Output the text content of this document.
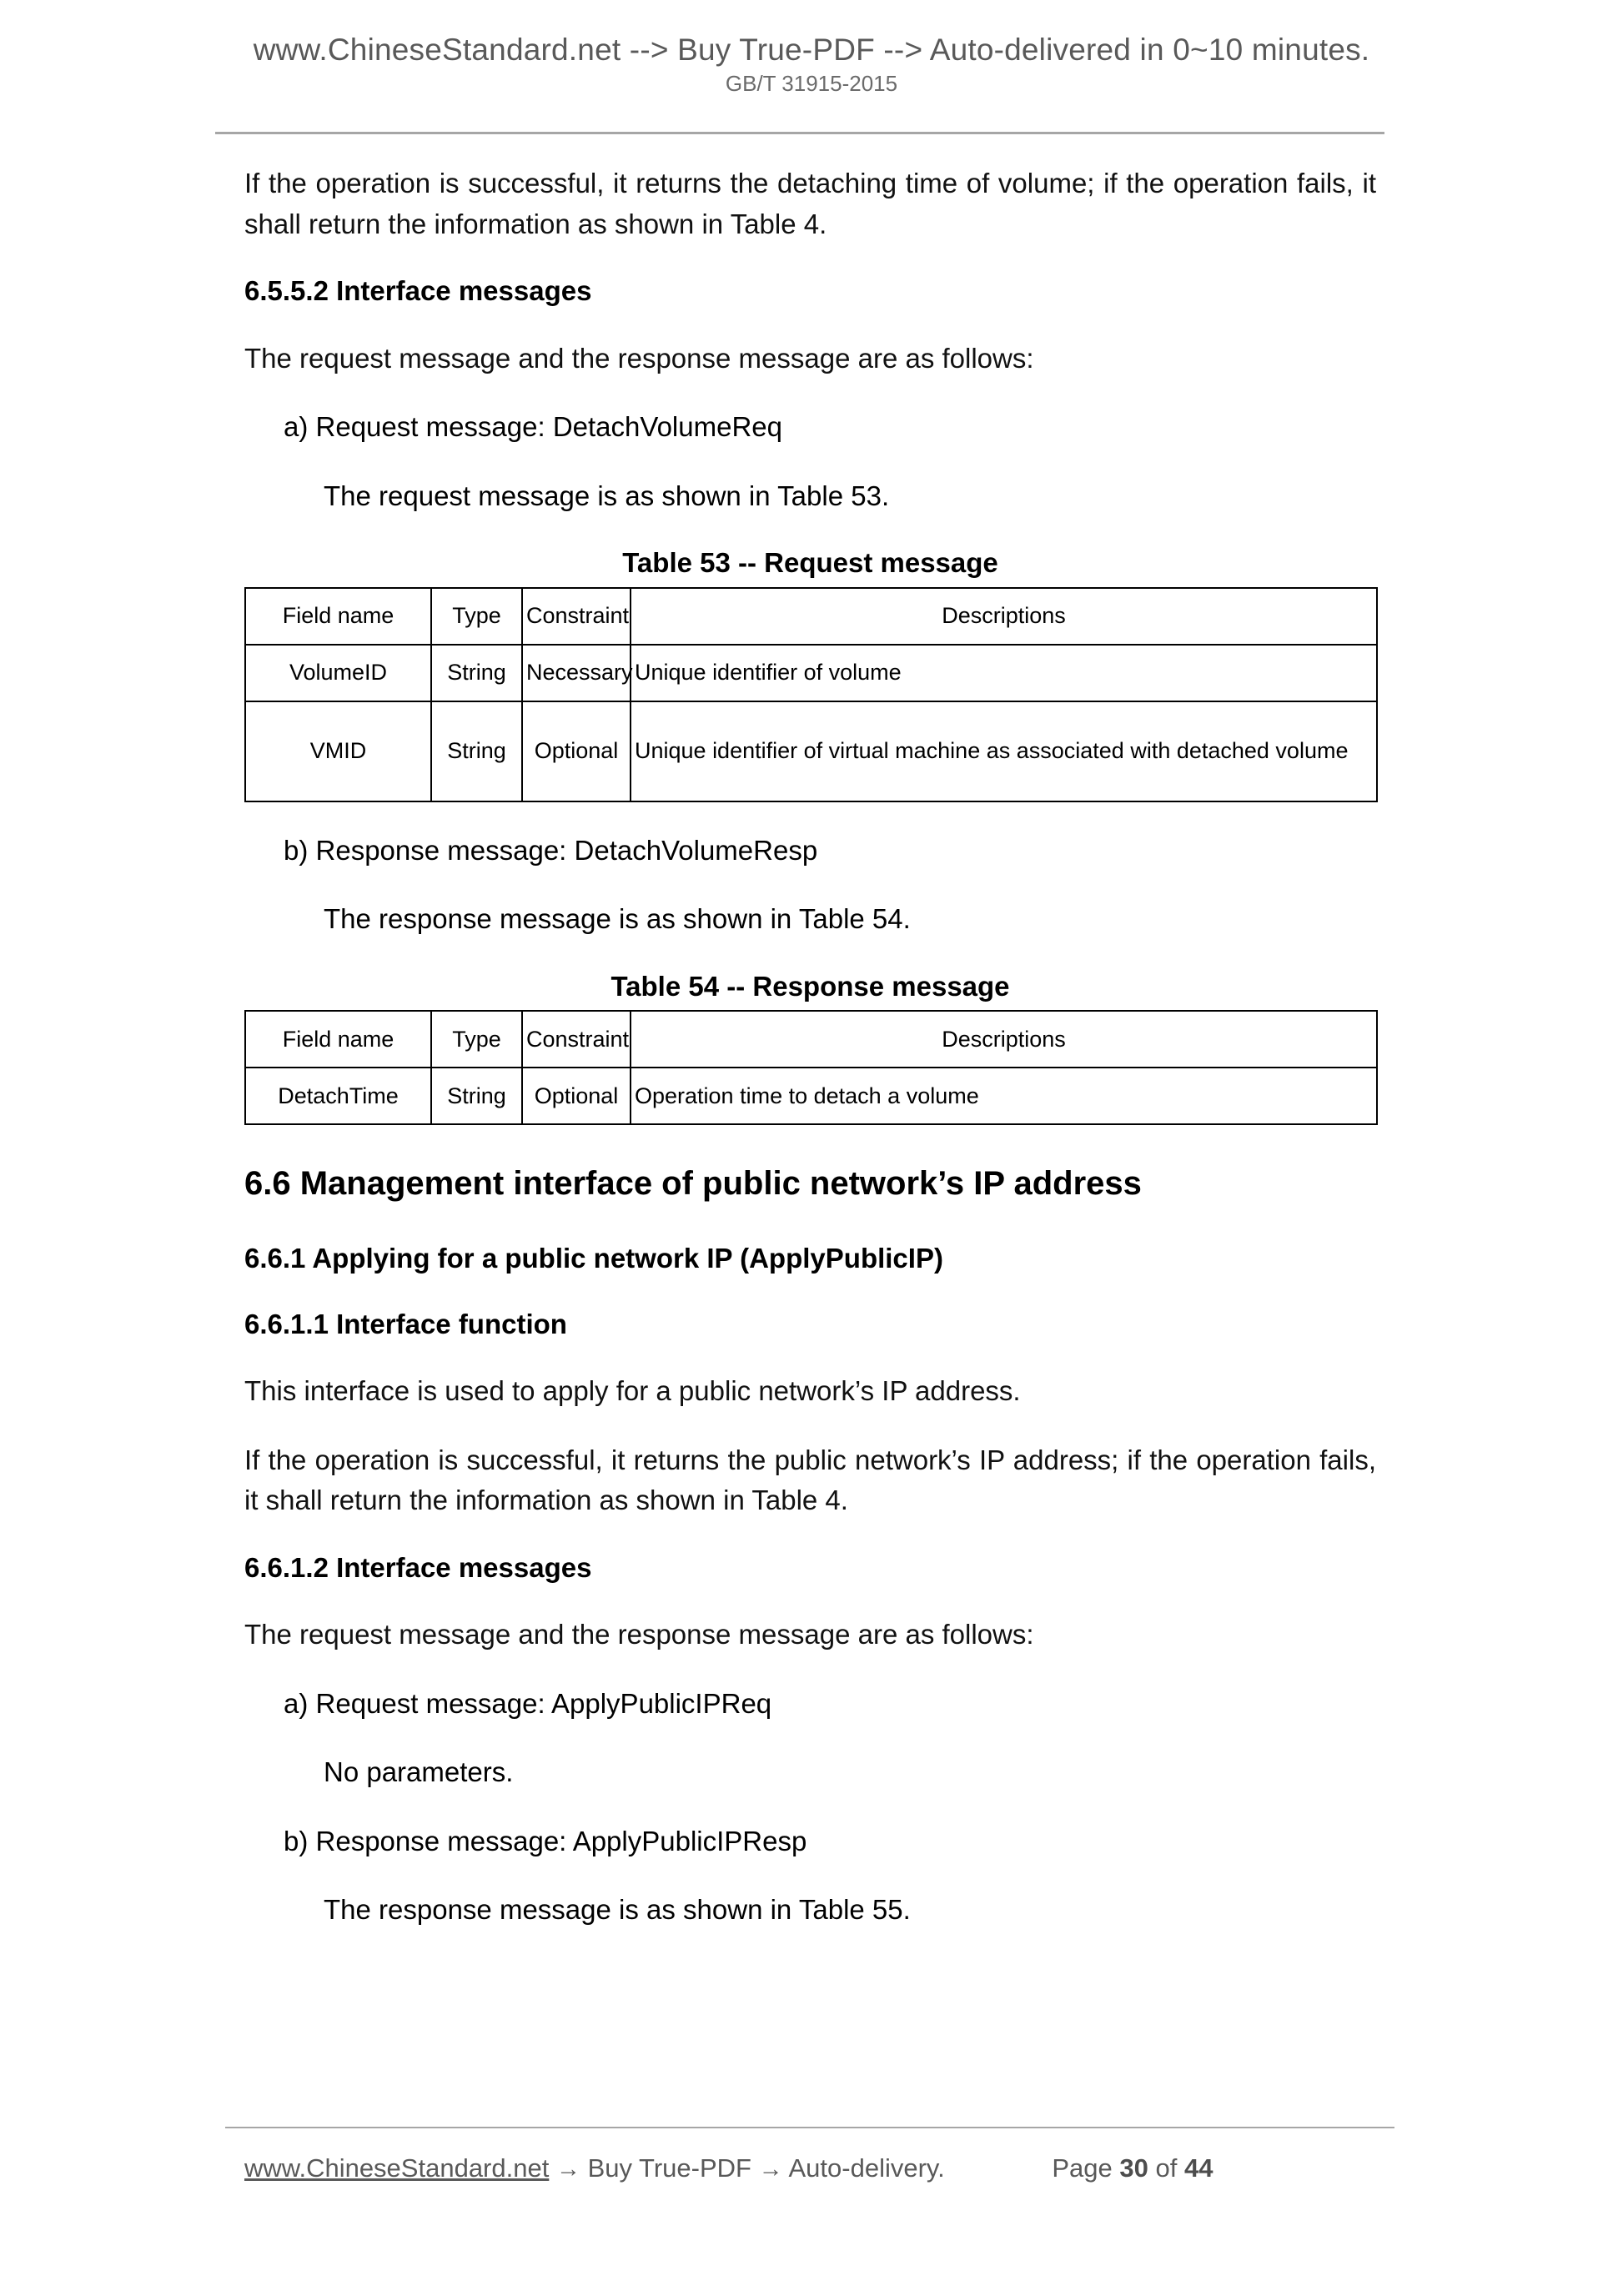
www.ChineseStandard.net --> Buy True-PDF --> Auto-delivered in 0~10 minutes.
GB/T 31915-2015

If the operation is successful, it returns the detaching time of volume; if the operation fails, it shall return the information as shown in Table 4.

6.5.5.2 Interface messages

The request message and the response message are as follows:

a) Request message: DetachVolumeReq
The request message is as shown in Table 53.
Table 53 -- Request message
Field name	Type	Constraint	Descriptions
VolumeID	String	Necessary	Unique identifier of volume
VMID	String	Optional	Unique identifier of virtual machine as associated with detached volume
b) Response message: DetachVolumeResp
The response message is as shown in Table 54.
Table 54 -- Response message
Field name	Type	Constraint	Descriptions
DetachTime	String	Optional	Operation time to detach a volume
6.6 Management interface of public network’s IP address
6.6.1 Applying for a public network IP (ApplyPublicIP)
6.6.1.1 Interface function

This interface is used to apply for a public network’s IP address.

If the operation is successful, it returns the public network’s IP address; if the operation fails, it shall return the information as shown in Table 4.

6.6.1.2 Interface messages

The request message and the response message are as follows:

a) Request message: ApplyPublicIPReq
No parameters.
b) Response message: ApplyPublicIPResp
The response message is as shown in Table 55.
www.ChineseStandard.net → Buy True-PDF → Auto-delivery.	Page 30 of 44
